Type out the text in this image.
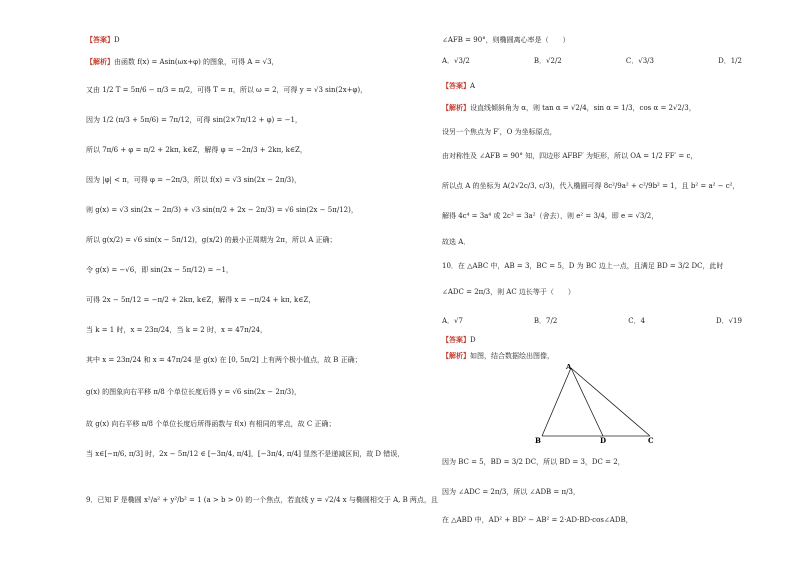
【答案】D
【解析】由函数 f(x) = Asin(ωx+φ) 的图象，可得 A = √3，
又由 1/2 T = 5π/6 − π/3 = π/2，可得 T = π，所以 ω = 2，可得 y = √3 sin(2x+φ)，
因为 1/2 (π/3 + 5π/6) = 7π/12，可得 sin(2×7π/12 + φ) = −1，
所以 7π/6 + φ = π/2 + 2kπ, k∈Z，解得 φ = −2π/3 + 2kπ, k∈Z，
因为 |φ| < π，可得 φ = −2π/3，所以 f(x) = √3 sin(2x − 2π/3)，
则 g(x) = √3 sin(2x − 2π/3) + √3 sin(π/2 + 2x − 2π/3) = √6 sin(2x − 5π/12)，
所以 g(x/2) = √6 sin(x − 5π/12)，g(x/2) 的最小正周期为 2π，所以 A 正确；
令 g(x) = −√6，即 sin(2x − 5π/12) = −1，
可得 2x − 5π/12 = −π/2 + 2kπ, k∈Z，解得 x = −π/24 + kπ, k∈Z，
当 k = 1 时，x = 23π/24，当 k = 2 时，x = 47π/24，
其中 x = 23π/24 和 x = 47π/24 是 g(x) 在 [0, 5π/2] 上有两个极小值点，故 B 正确；
g(x) 的图象向右平移 π/8 个单位长度后得 y = √6 sin(2x − 2π/3)，
故 g(x) 向右平移 π/8 个单位长度后所得函数与 f(x) 有相同的零点，故 C 正确；
当 x∈[−π/6, π/3] 时，2x − 5π/12 ∈ [−3π/4, π/4]，[−3π/4, π/4] 显然不是递减区间，故 D 错误，
9．已知 F 是椭圆 x²/a² + y²/b² = 1 (a > b > 0) 的一个焦点，若直线 y = √2/4 x 与椭圆相交于 A, B 两点，且
∠AFB = 90°，则椭圆离心率是（　　）
A．√3/2	B．√2/2	C．√3/3	D．1/2
【答案】A
【解析】设直线倾斜角为 α，则 tan α = √2/4，sin α = 1/3，cos α = 2√2/3，
设另一个焦点为 F′，O 为坐标原点，
由对称性及 ∠AFB = 90° 知，四边形 AFBF′ 为矩形，所以 OA = 1/2 FF′ = c，
所以点 A 的坐标为 A(2√2c/3, c/3)，代入椭圆可得 8c²/9a² + c²/9b² = 1，且 b² = a² − c²，
解得 4c⁴ = 3a⁴ 或 2c² = 3a²（舍去），则 e² = 3/4，即 e = √3/2，
故选 A．
10．在 △ABC 中，AB = 3，BC = 5，D 为 BC 边上一点，且满足 BD = 3/2 DC，此时
∠ADC = 2π/3，则 AC 边长等于（　　）
A．√7	B．7/2	C．4	D．√19
【答案】D
【解析】如图，结合数据绘出图像，
A
B	D	C
因为 BC = 5，BD = 3/2 DC，所以 BD = 3，DC = 2，
因为 ∠ADC = 2π/3，所以 ∠ADB = π/3，
在 △ABD 中，AD² + BD² − AB² = 2·AD·BD·cos∠ADB，
